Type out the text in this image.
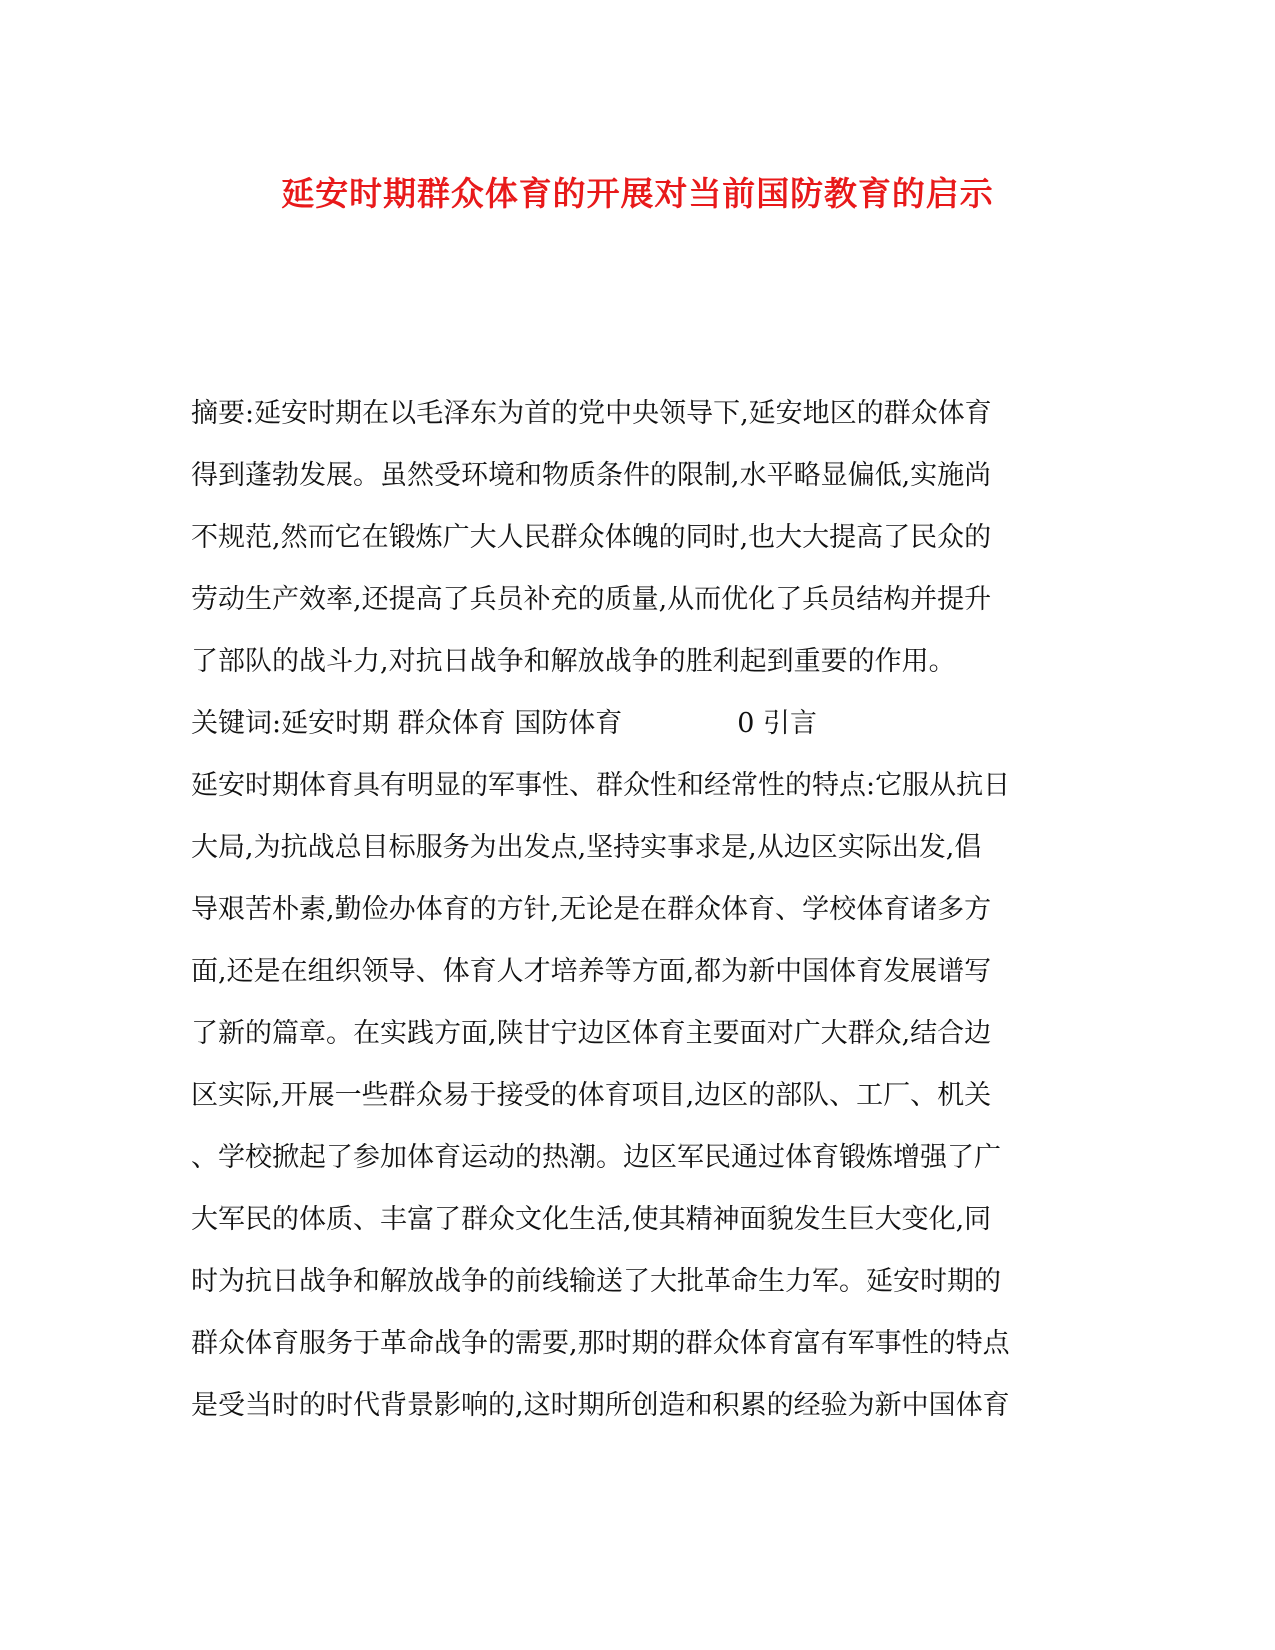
延安时期群众体育的开展对当前国防教育的启示
摘要:延安时期在以毛泽东为首的党中央领导下,延安地区的群众体育
得到蓬勃发展。虽然受环境和物质条件的限制,水平略显偏低,实施尚
不规范,然而它在锻炼广大人民群众体魄的同时,也大大提高了民众的
劳动生产效率,还提高了兵员补充的质量,从而优化了兵员结构并提升
了部队的战斗力,对抗日战争和解放战争的胜利起到重要的作用。
关键词:延安时期 群众体育 国防体育	0 引言
延安时期体育具有明显的军事性、群众性和经常性的特点:它服从抗日
大局,为抗战总目标服务为出发点,坚持实事求是,从边区实际出发,倡
导艰苦朴素,勤俭办体育的方针,无论是在群众体育、学校体育诸多方
面,还是在组织领导、体育人才培养等方面,都为新中国体育发展谱写
了新的篇章。在实践方面,陕甘宁边区体育主要面对广大群众,结合边
区实际,开展一些群众易于接受的体育项目,边区的部队、工厂、机关
、学校掀起了参加体育运动的热潮。边区军民通过体育锻炼增强了广
大军民的体质、丰富了群众文化生活,使其精神面貌发生巨大变化,同
时为抗日战争和解放战争的前线输送了大批革命生力军。延安时期的
群众体育服务于革命战争的需要,那时期的群众体育富有军事性的特点
是受当时的时代背景影响的,这时期所创造和积累的经验为新中国体育
